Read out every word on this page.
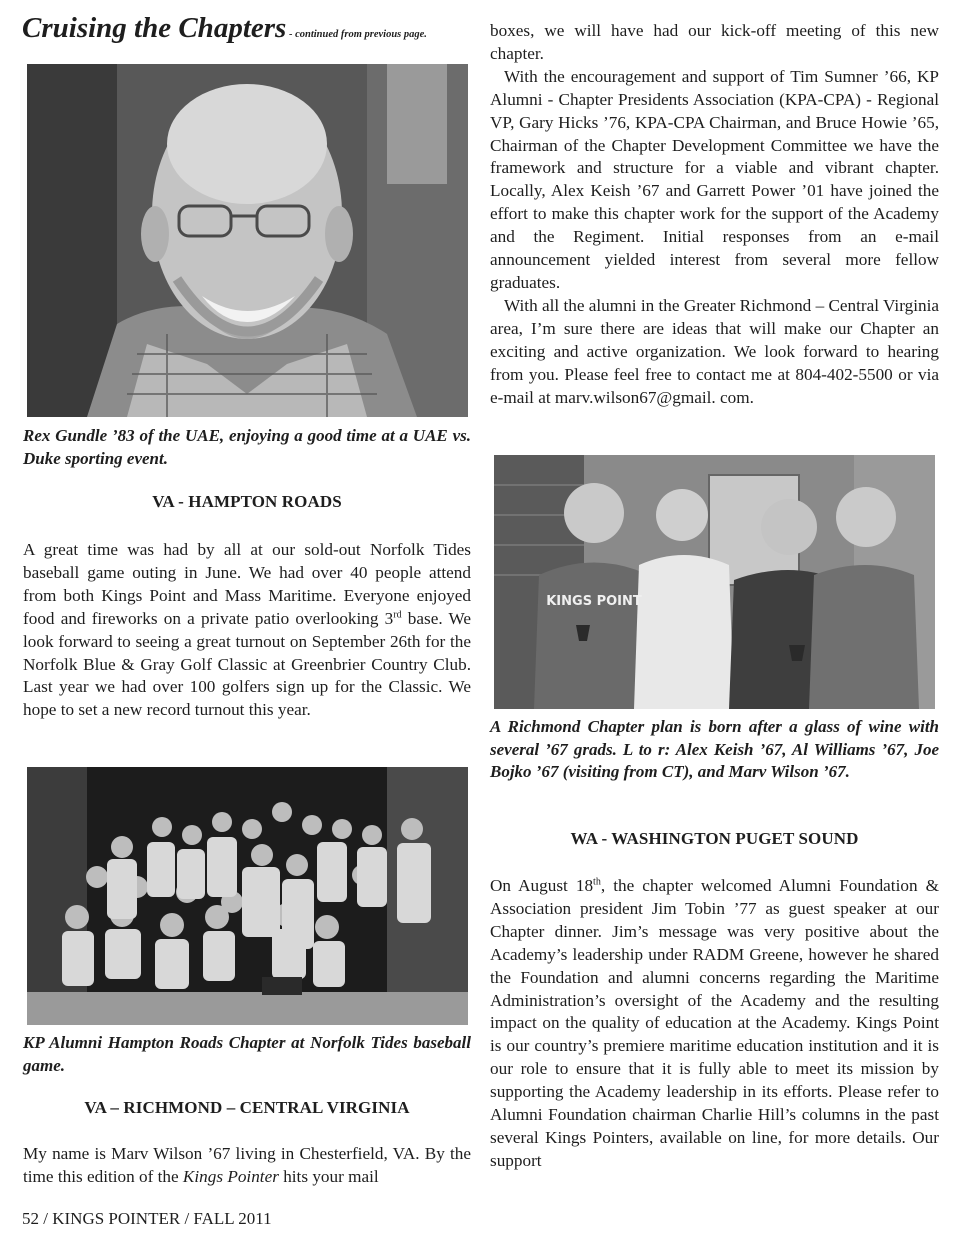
Cruising the Chapters - continued from previous page.

Rex Gundle ’83 of the UAE, enjoying a good time at a UAE vs. Duke sporting event.

VA - HAMPTON ROADS

A great time was had by all at our sold-out Norfolk Tides baseball game outing in June. We had over 40 people attend from both Kings Point and Mass Maritime. Everyone enjoyed food and fireworks on a private patio overlooking 3rd base. We look forward to seeing a great turnout on September 26th for the Norfolk Blue & Gray Golf Classic at Greenbrier Country Club. Last year we had over 100 golfers sign up for the Classic. We hope to set a new record turnout this year.

KP Alumni Hampton Roads Chapter at Norfolk Tides baseball game.

VA – RICHMOND – CENTRAL VIRGINIA

My name is Marv Wilson ’67 living in Chesterfield, VA. By the time this edition of the Kings Pointer hits your mail

boxes, we will have had our kick-off meeting of this new chapter.

With the encouragement and support of Tim Sumner ’66, KP Alumni - Chapter Presidents Association (KPA-CPA) - Regional VP, Gary Hicks ’76, KPA-CPA Chairman, and Bruce Howie ’65, Chairman of the Chapter Development Committee we have the framework and structure for a viable and vibrant chapter. Locally, Alex Keish ’67 and Garrett Power ’01 have joined the effort to make this chapter work for the support of the Academy and the Regiment. Initial responses from an e-mail announcement yielded interest from several more fellow graduates.

With all the alumni in the Greater Richmond – Central Virginia area, I’m sure there are ideas that will make our Chapter an exciting and active organization. We look forward to hearing from you. Please feel free to contact me at 804-402-5500 or via e-mail at marv.wilson67@gmail. com.

KINGS POINT

A Richmond Chapter plan is born after a glass of wine with several ’67 grads. L to r: Alex Keish ’67, Al Williams ’67, Joe Bojko ’67 (visiting from CT), and Marv Wilson ’67.

WA - WASHINGTON PUGET SOUND

On August 18th, the chapter welcomed Alumni Foundation & Association president Jim Tobin ’77 as guest speaker at our Chapter dinner. Jim’s message was very positive about the Academy’s leadership under RADM Greene, however he shared the Foundation and alumni concerns regarding the Maritime Administration’s oversight of the Academy and the resulting impact on the quality of education at the Academy. Kings Point is our country’s premiere maritime education institution and it is our role to ensure that it is fully able to meet its mission by supporting the Academy leadership in its efforts. Please refer to Alumni Foundation chairman Charlie Hill’s columns in the past several Kings Pointers, available on line, for more details. Our support

52 / KINGS POINTER / FALL 2011
